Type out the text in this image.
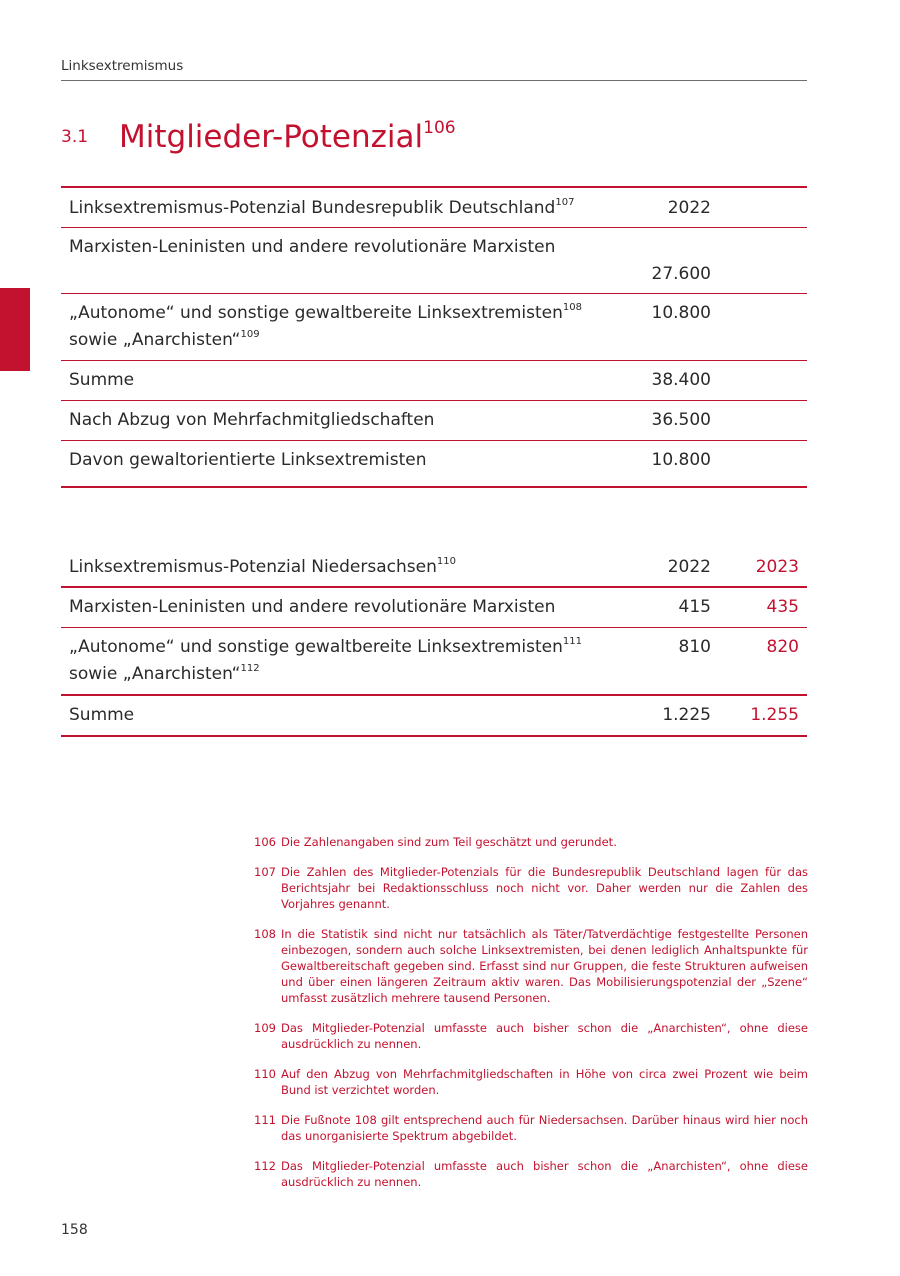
Linksextremismus
3.1 Mitglieder-Potenzial$^{106}$
Linksextremismus-Potenzial Bundesrepublik Deutschland$^{107}$	2022	
Marxisten-Leninisten und andere revolutionäre Marxisten	27.600	
„Autonome“ und sonstige gewaltbereite Linksextremisten$^{108}$
sowie „Anarchisten“$^{109}$	10.800	
Summe	38.400	
Nach Abzug von Mehrfachmitgliedschaften	36.500	
Davon gewaltorientierte Linksextremisten	10.800	
Linksextremismus-Potenzial Niedersachsen$^{110}$	2022	2023
Marxisten-Leninisten und andere revolutionäre Marxisten	415	435
„Autonome“ und sonstige gewaltbereite Linksextremisten$^{111}$
sowie „Anarchisten“$^{112}$	810	820
Summe	1.225	1.255
106 Die Zahlenangaben sind zum Teil geschätzt und gerundet.
107 Die Zahlen des Mitglieder-Potenzials für die Bundesrepublik Deutschland lagen für das Berichtsjahr bei Redaktionsschluss noch nicht vor. Daher werden nur die Zahlen des Vorjahres genannt.
108 In die Statistik sind nicht nur tatsächlich als Täter/Tatverdächtige festgestellte Personen einbezogen, sondern auch solche Linksextremisten, bei denen lediglich Anhaltspunkte für Gewaltbereitschaft gegeben sind. Erfasst sind nur Gruppen, die feste Strukturen aufweisen und über einen längeren Zeitraum aktiv waren. Das Mobilisierungspotenzial der „Szene“ umfasst zusätzlich mehrere tausend Personen.
109 Das Mitglieder-Potenzial umfasste auch bisher schon die „Anarchisten“, ohne diese ausdrücklich zu nennen.
110 Auf den Abzug von Mehrfachmitgliedschaften in Höhe von circa zwei Prozent wie beim Bund ist verzichtet worden.
111 Die Fußnote 108 gilt entsprechend auch für Niedersachsen. Darüber hinaus wird hier noch das unorganisierte Spektrum abgebildet.
112 Das Mitglieder-Potenzial umfasste auch bisher schon die „Anarchisten“, ohne diese ausdrücklich zu nennen.
158
